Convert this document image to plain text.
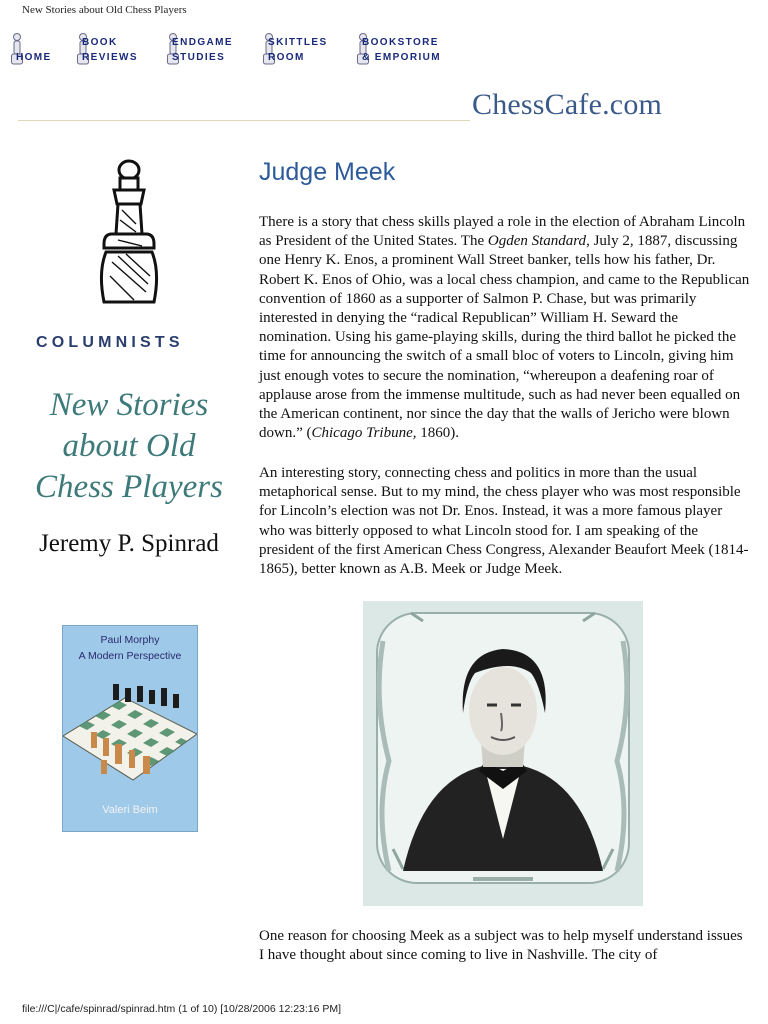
New Stories about Old Chess Players
HOME
BOOK
REVIEWS
ENDGAME
STUDIES
SKITTLES
ROOM
BOOKSTORE
& EMPORIUM
ChessCafe.com
COLUMNISTS
New Stories about Old Chess Players
Jeremy P. Spinrad
Paul Morphy
A Modern Perspective
Valeri Beim
Judge Meek

There is a story that chess skills played a role in the election of Abraham Lincoln as President of the United States. The Ogden Standard, July 2, 1887, discussing one Henry K. Enos, a prominent Wall Street banker, tells how his father, Dr. Robert K. Enos of Ohio, was a local chess champion, and came to the Republican convention of 1860 as a supporter of Salmon P. Chase, but was primarily interested in denying the “radical Republican” William H. Seward the nomination. Using his game-playing skills, during the third ballot he picked the time for announcing the switch of a small bloc of voters to Lincoln, giving him just enough votes to secure the nomination, “whereupon a deafening roar of applause arose from the immense multitude, such as had never been equalled on the American continent, nor since the day that the walls of Jericho were blown down.” (Chicago Tribune, 1860).

An interesting story, connecting chess and politics in more than the usual metaphorical sense. But to my mind, the chess player who was most responsible for Lincoln’s election was not Dr. Enos. Instead, it was a more famous player who was bitterly opposed to what Lincoln stood for. I am speaking of the president of the first American Chess Congress, Alexander Beaufort Meek (1814-1865), better known as A.B. Meek or Judge Meek.

One reason for choosing Meek as a subject was to help myself understand issues I have thought about since coming to live in Nashville. The city of

file:///C|/cafe/spinrad/spinrad.htm (1 of 10) [10/28/2006 12:23:16 PM]
